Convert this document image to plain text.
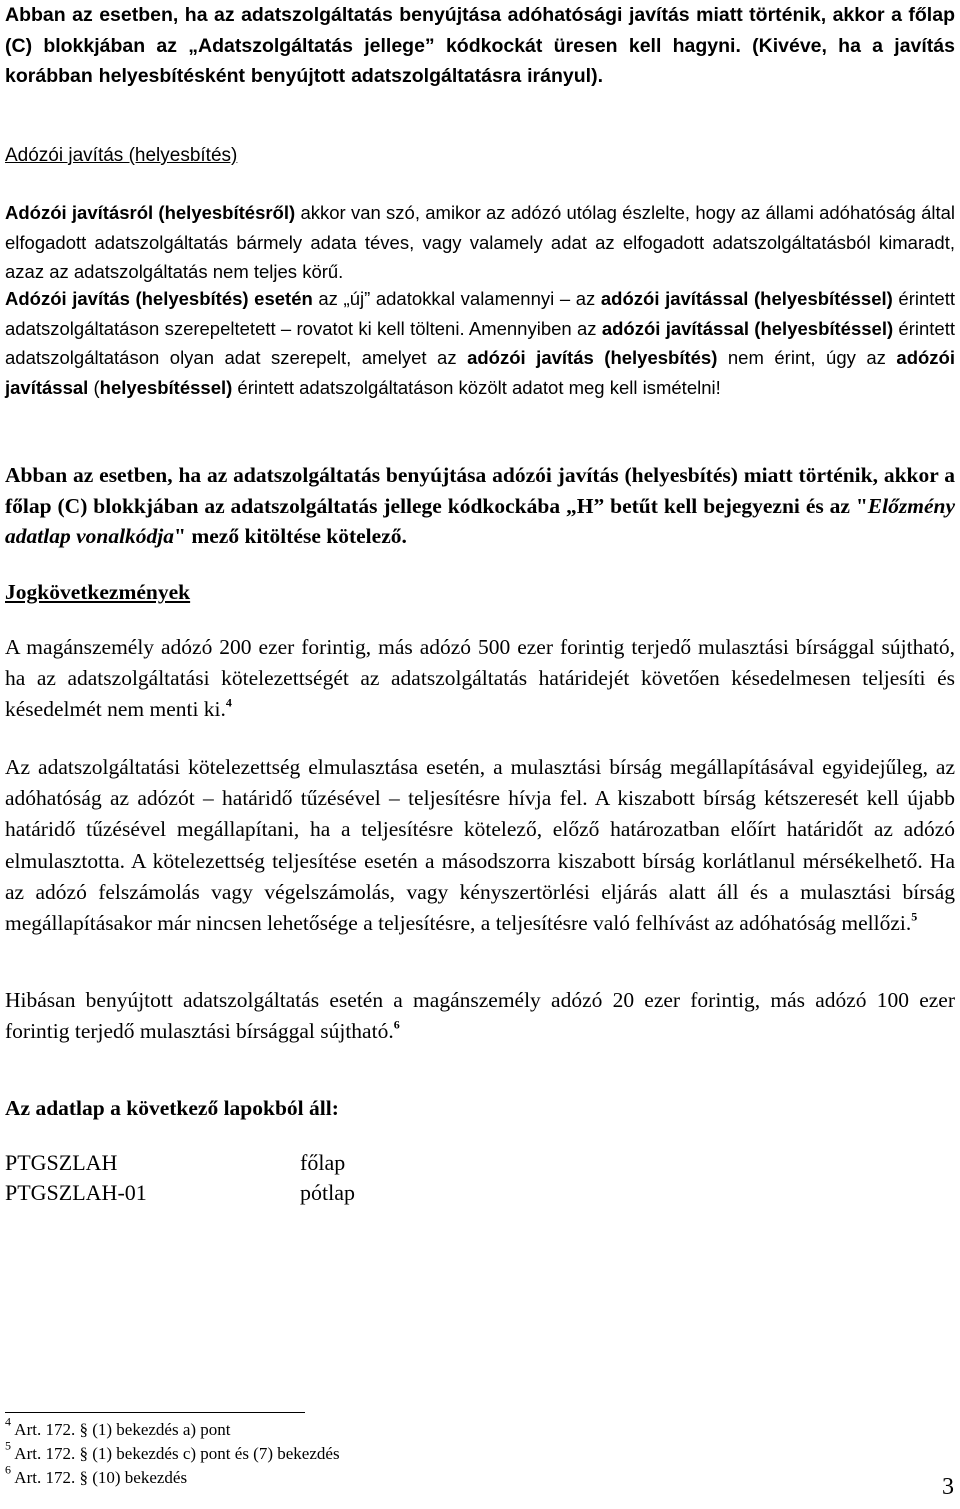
Abban az esetben, ha az adatszolgáltatás benyújtása adóhatósági javítás miatt történik, akkor a főlap (C) blokkjában az „Adatszolgáltatás jellege” kódkockát üresen kell hagyni. (Kivéve, ha a javítás korábban helyesbítésként benyújtott adatszolgáltatásra irányul).

Adózói javítás (helyesbítés)

Adózói javításról (helyesbítésről) akkor van szó, amikor az adózó utólag észlelte, hogy az állami adóhatóság által elfogadott adatszolgáltatás bármely adata téves, vagy valamely adat az elfogadott adatszolgáltatásból kimaradt, azaz az adatszolgáltatás nem teljes körű.

Adózói javítás (helyesbítés) esetén az „új” adatokkal valamennyi – az adózói javítással (helyesbítéssel) érintett adatszolgáltatáson szerepeltetett – rovatot ki kell tölteni. Amennyiben az adózói javítással (helyesbítéssel) érintett adatszolgáltatáson olyan adat szerepelt, amelyet az adózói javítás (helyesbítés) nem érint, úgy az adózói javítással (helyesbítéssel) érintett adatszolgáltatáson közölt adatot meg kell ismételni!

Abban az esetben, ha az adatszolgáltatás benyújtása adózói javítás (helyesbítés) miatt történik, akkor a főlap (C) blokkjában az adatszolgáltatás jellege kódkockába „H” betűt kell bejegyezni és az "Előzmény adatlap vonalkódja" mező kitöltése kötelező.

Jogkövetkezmények

A magánszemély adózó 200 ezer forintig, más adózó 500 ezer forintig terjedő mulasztási bírsággal sújtható, ha az adatszolgáltatási kötelezettségét az adatszolgáltatás határidejét követően késedelmesen teljesíti és késedelmét nem menti ki.$^4$

Az adatszolgáltatási kötelezettség elmulasztása esetén, a mulasztási bírság megállapításával egyidejűleg, az adóhatóság az adózót – határidő tűzésével – teljesítésre hívja fel. A kiszabott bírság kétszeresét kell újabb határidő tűzésével megállapítani, ha a teljesítésre kötelező, előző határozatban előírt határidőt az adózó elmulasztotta. A kötelezettség teljesítése esetén a másodszorra kiszabott bírság korlátlanul mérsékelhető. Ha az adózó felszámolás vagy végelszámolás, vagy kényszertörlési eljárás alatt áll és a mulasztási bírság megállapításakor már nincsen lehetősége a teljesítésre, a teljesítésre való felhívást az adóhatóság mellőzi.$^5$

Hibásan benyújtott adatszolgáltatás esetén a magánszemély adózó 20 ezer forintig, más adózó 100 ezer forintig terjedő mulasztási bírsággal sújtható.$^6$

Az adatlap a következő lapokból áll:

PTGSZLAH	főlap
PTGSZLAH-01	pótlap
$^4$ Art. 172. § (1) bekezdés a) pont
$^5$ Art. 172. § (1) bekezdés c) pont és (7) bekezdés
$^6$ Art. 172. § (10) bekezdés	3
